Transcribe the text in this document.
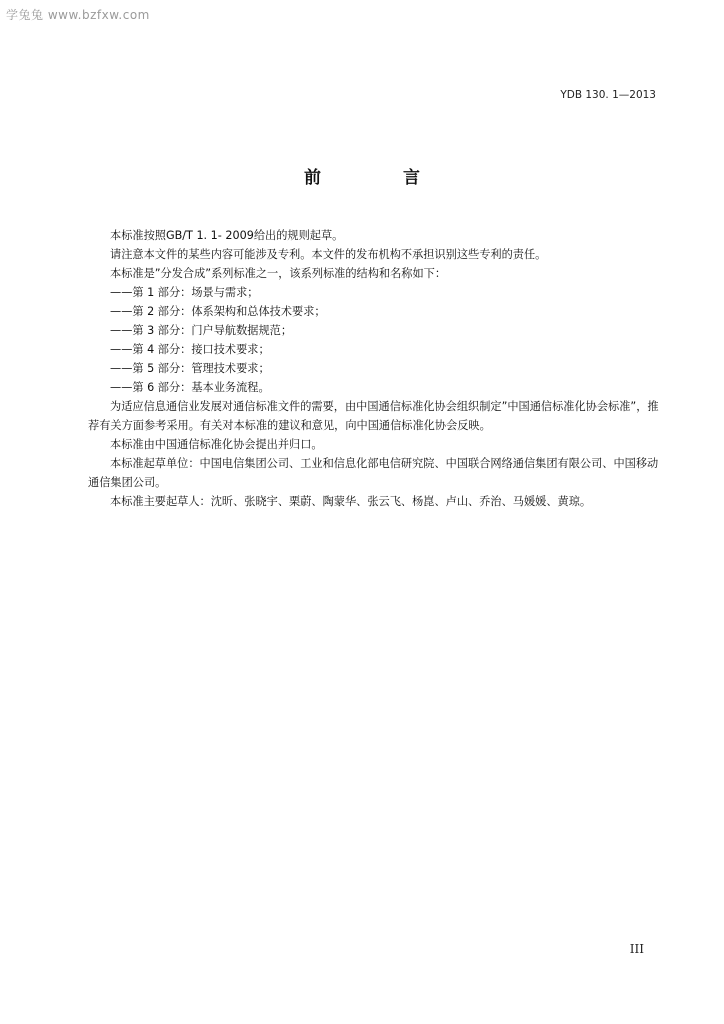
学兔兔 www.bzfxw.com
YDB 130. 1—2013
前 言

本标准按照GB/T 1. 1- 2009给出的规则起草。

请注意本文件的某些内容可能涉及专利。本文件的发布机构不承担识别这些专利的责任。

本标准是”分发合成”系列标准之一，该系列标准的结构和名称如下：

——第 1 部分：场景与需求；

——第 2 部分：体系架构和总体技术要求；

——第 3 部分：门户导航数据规范；

——第 4 部分：接口技术要求；

——第 5 部分：管理技术要求；

——第 6 部分：基本业务流程。

为适应信息通信业发展对通信标准文件的需要，由中国通信标准化协会组织制定”中国通信标准化协会标准”，推荐有关方面参考采用。有关对本标准的建议和意见，向中国通信标准化协会反映。

本标准由中国通信标准化协会提出并归口。

本标准起草单位：中国电信集团公司、工业和信息化部电信研究院、中国联合网络通信集团有限公司、中国移动通信集团公司。

本标准主要起草人：沈昕、张晓宇、栗蔚、陶蒙华、张云飞、杨崑、卢山、乔治、马媛媛、黄琼。

III
